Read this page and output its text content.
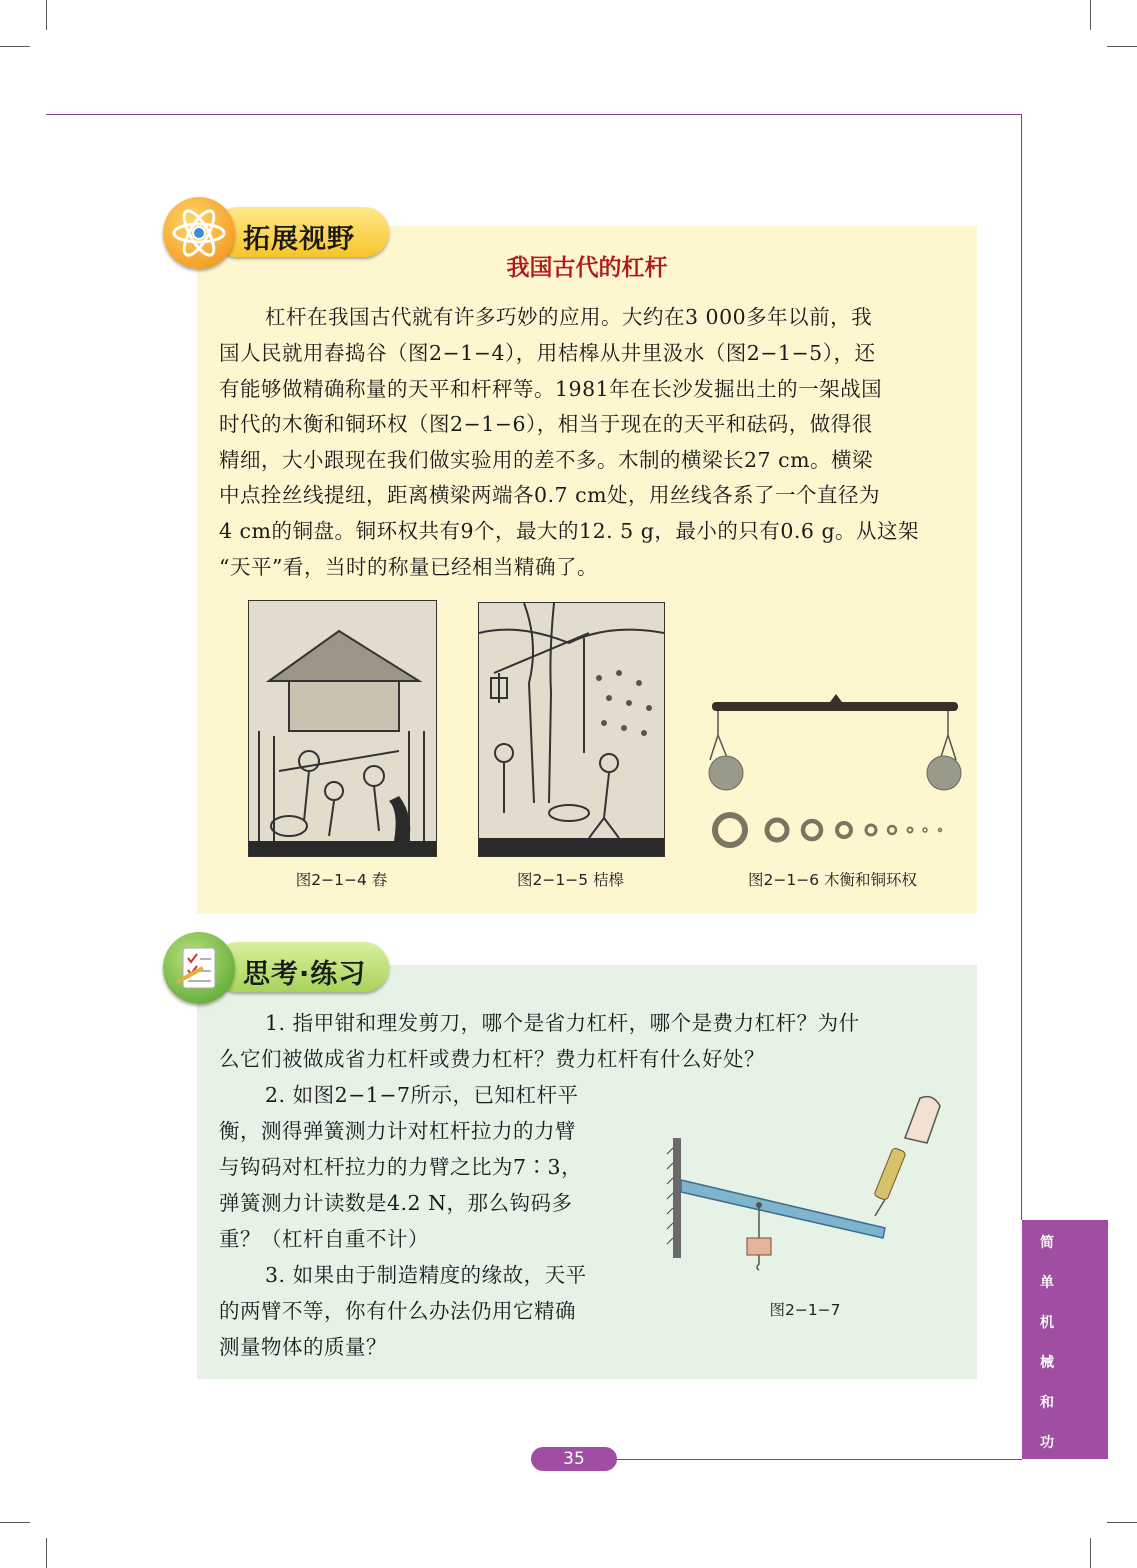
简
单
机
械
和
功
拓展视野
我国古代的杠杆
杠杆在我国古代就有许多巧妙的应用。大约在3 000多年以前，我
国人民就用舂捣谷（图2−1−4），用桔槔从井里汲水（图2−1−5），还
有能够做精确称量的天平和杆秤等。1981年在长沙发掘出土的一架战国
时代的木衡和铜环权（图2−1−6），相当于现在的天平和砝码，做得很
精细，大小跟现在我们做实验用的差不多。木制的横梁长27 cm。横梁
中点拴丝线提纽，距离横梁两端各0.7 cm处，用丝线各系了一个直径为
4 cm的铜盘。铜环权共有9个，最大的12. 5 g，最小的只有0.6 g。从这架
“天平”看，当时的称量已经相当精确了。
图2−1−4 舂	图2−1−5 桔槔	图2−1−6 木衡和铜环权
思考·练习
1. 指甲钳和理发剪刀，哪个是省力杠杆，哪个是费力杠杆？为什
么它们被做成省力杠杆或费力杠杆？费力杠杆有什么好处？
2. 如图2−1−7所示，已知杠杆平
衡，测得弹簧测力计对杠杆拉力的力臂
与钩码对杠杆拉力的力臂之比为7∶3，
弹簧测力计读数是4.2 N，那么钩码多
重？（杠杆自重不计）
3. 如果由于制造精度的缘故，天平
的两臂不等，你有什么办法仍用它精确
测量物体的质量？
图2−1−7
35
